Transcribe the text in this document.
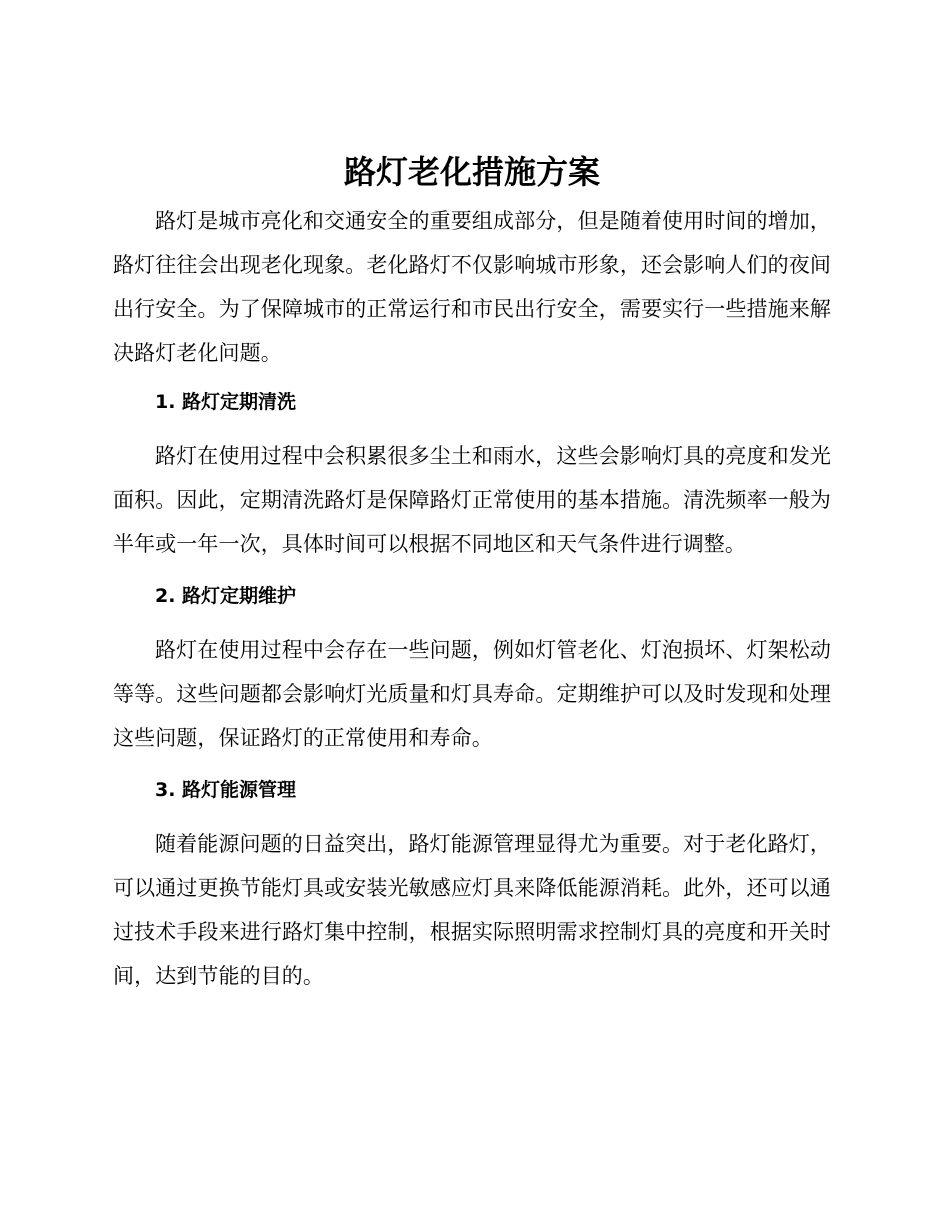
路灯老化措施方案

路灯是城市亮化和交通安全的重要组成部分，但是随着使用时间的增加，路灯往往会出现老化现象。老化路灯不仅影响城市形象，还会影响人们的夜间出行安全。为了保障城市的正常运行和市民出行安全，需要实行一些措施来解决路灯老化问题。

1. 路灯定期清洗

路灯在使用过程中会积累很多尘土和雨水，这些会影响灯具的亮度和发光面积。因此，定期清洗路灯是保障路灯正常使用的基本措施。清洗频率一般为半年或一年一次，具体时间可以根据不同地区和天气条件进行调整。

2. 路灯定期维护

路灯在使用过程中会存在一些问题，例如灯管老化、灯泡损坏、灯架松动等等。这些问题都会影响灯光质量和灯具寿命。定期维护可以及时发现和处理这些问题，保证路灯的正常使用和寿命。

3. 路灯能源管理

随着能源问题的日益突出，路灯能源管理显得尤为重要。对于老化路灯，可以通过更换节能灯具或安装光敏感应灯具来降低能源消耗。此外，还可以通过技术手段来进行路灯集中控制，根据实际照明需求控制灯具的亮度和开关时间，达到节能的目的。
